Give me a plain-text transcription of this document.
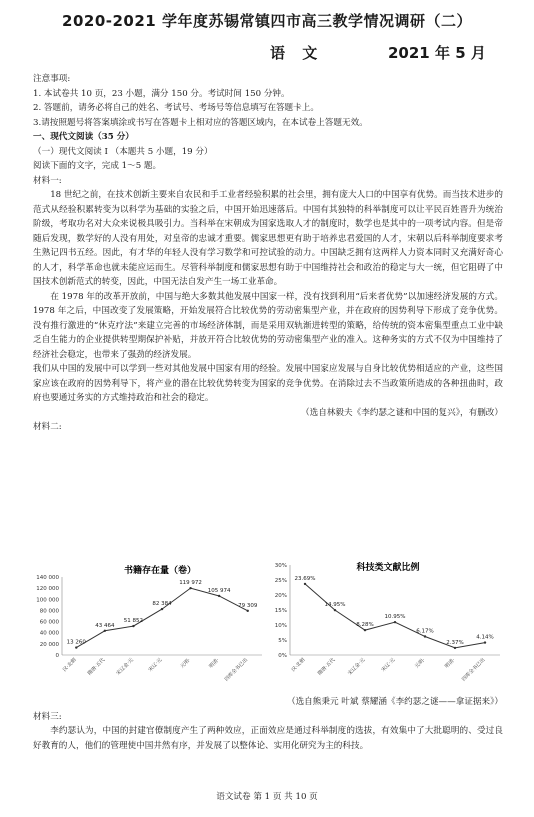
2020-2021 学年度苏锡常镇四市高三教学情况调研（二）
语 文	2021 年 5 月
注意事项:
1. 本试卷共 10 页，23 小题，满分 150 分。考试时间 150 分钟。
2. 答题前，请务必将自己的姓名、考试号、考场号等信息填写在答题卡上。
3.请按照题号将答案填涂或书写在答题卡上相对应的答题区域内，在本试卷上答题无效。
一、现代文阅读（35 分）
（一）现代文阅读 I （本题共 5 小题，19 分）
阅读下面的文字，完成 1～5 题。
材料一:

18 世纪之前，在技术创新主要来自农民和手工业者经验积累的社会里，拥有庞大人口的中国享有优势。而当技术进步的范式从经验积累转变为以科学为基础的实验之后，中国开始迅速落后。中国有其独特的科举制度可以让平民百姓晋升为统治阶级，考取功名对大众来说极具吸引力。当科举在宋朝成为国家选取人才的制度时，数学也是其中的一项考试内容。但是帝随后发现，数学好的人没有用处，对皇帝的忠诚才重要。儒家思想更有助于培养忠君爱国的人才，宋朝以后科举制度要求考生熟记四书五经。因此，有才华的年轻人没有学习数学和可控试验的动力。中国缺乏拥有这两样人力资本同时又充满好奇心的人才，科学革命也就未能应运而生。尽管科举制度和儒家思想有助于中国维持社会和政治的稳定与大一统，但它阻碍了中国技术创新范式的转变，因此，中国无法自发产生一场工业革命。

在 1978 年的改革开放前，中国与绝大多数其他发展中国家一样，没有找到利用“后来者优势”以加速经济发展的方式。1978 年之后，中国改变了发展策略，开始发展符合比较优势的劳动密集型产业，并在政府的因势利导下形成了竞争优势。没有推行激进的“休克疗法”来建立完善的市场经济体制，而是采用双轨渐进转型的策略，给传统的资本密集型重点工业中缺乏自生能力的企业提供转型期保护补贴，并放开符合比较优势的劳动密集型产业的准入。这种务实的方式不仅为中国维持了经济社会稳定，也带来了强劲的经济发展。

我们从中国的发展中可以学到一些对其他发展中国家有用的经验。发展中国家应发展与自身比较优势相适应的产业，这些国家应该在政府的因势利导下，将产业的潜在比较优势转变为国家的竞争优势。在消除过去不当政策所造成的各种扭曲时，政府也要通过务实的方式维持政治和社会的稳定。

（选自林毅夫《李约瑟之谜和中国的复兴》，有删改）
材料二:
书籍存在量（卷）
0
20 000
40 000
60 000
80 000
100 000
120 000
140 000
13 260
43 464
51 852
82 384
119 972
105 974
79 309
汉·北朝 隋唐·五代 宋辽金·元	宋辽·元	元明·	明清· 四库全书已出
科技类文献比例
0%
5%
10%
15%
20%
25%
30%
23.69%
14.95%
8.28%
10.95%
6.17%
2.37%
4.14%
汉·北朝 隋唐·五代 宋辽金·元	宋辽·元	元明·	明清· 四库全书已出
（选自熊秉元 叶斌 蔡耀涵《李约瑟之谜——拿证据来》）
材料三:

李约瑟认为，中国的封建官僚制度产生了两种效应，正面效应是通过科举制度的选拔，有效集中了大批聪明的、受过良好教育的人，他们的管理使中国井然有序，并发展了以整体论、实用化研究为主的科技。

语文试卷 第 1 页 共 10 页
